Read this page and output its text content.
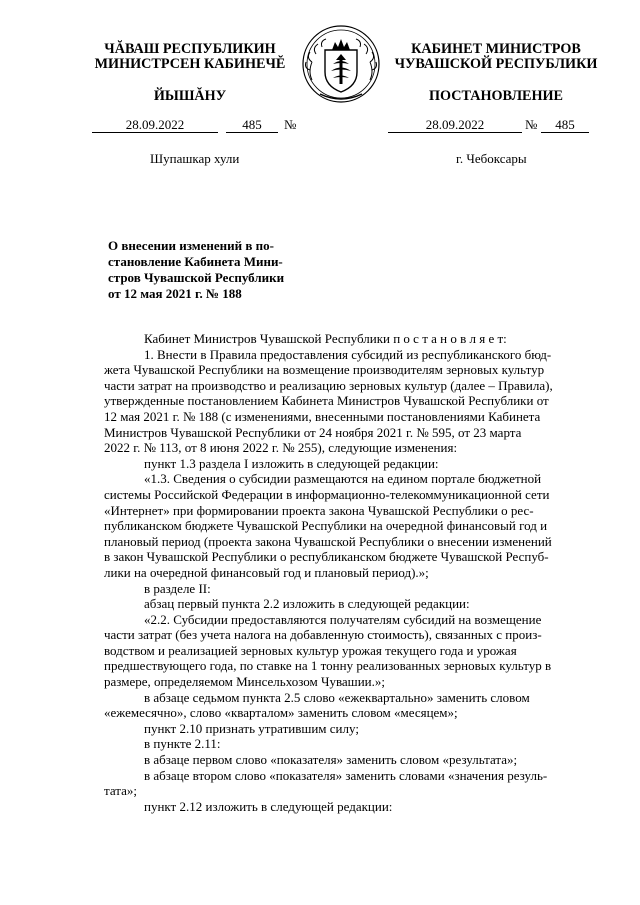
ЧĂВАШ РЕСПУБЛИКИН
МИНИСТРСЕН КАБИНЕЧĔ
ЙЫШĂНУ
КАБИНЕТ МИНИСТРОВ
ЧУВАШСКОЙ РЕСПУБЛИКИ
ПОСТАНОВЛЕНИЕ
28.09.2022	485	№
Шупашкар хули
28.09.2022	№	485
г. Чебоксары
О внесении изменений в по-
становление Кабинета Мини-
стров Чувашской Республики
от 12 мая 2021 г. № 188
Кабинет Министров Чувашской Республики п о с т а н о в л я е т:
1. Внести в Правила предоставления субсидий из республиканского бюд-
жета Чувашской Республики на возмещение производителям зерновых культур
части затрат на производство и реализацию зерновых культур (далее – Правила),
утвержденные постановлением Кабинета Министров Чувашской Республики от
12 мая 2021 г. № 188 (с изменениями, внесенными постановлениями Кабинета
Министров Чувашской Республики от 24 ноября 2021 г. № 595, от 23 марта
2022 г. № 113, от 8 июня 2022 г. № 255), следующие изменения:
пункт 1.3 раздела I изложить в следующей редакции:
«1.3. Сведения о субсидии размещаются на едином портале бюджетной
системы Российской Федерации в информационно-телекоммуникационной сети
«Интернет» при формировании проекта закона Чувашской Республики о рес-
публиканском бюджете Чувашской Республики на очередной финансовый год и
плановый период (проекта закона Чувашской Республики о внесении изменений
в закон Чувашской Республики о республиканском бюджете Чувашской Респуб-
лики на очередной финансовый год и плановый период).»;
в разделе II:
абзац первый пункта 2.2 изложить в следующей редакции:
«2.2. Субсидии предоставляются получателям субсидий на возмещение
части затрат (без учета налога на добавленную стоимость), связанных с произ-
водством и реализацией зерновых культур урожая текущего года и урожая
предшествующего года, по ставке на 1 тонну реализованных зерновых культур в
размере, определяемом Минсельхозом Чувашии.»;
в абзаце седьмом пункта 2.5 слово «ежеквартально» заменить словом
«ежемесячно», слово «кварталом» заменить словом «месяцем»;
пункт 2.10 признать утратившим силу;
в пункте 2.11:
в абзаце первом слово «показателя» заменить словом «результата»;
в абзаце втором слово «показателя» заменить словами «значения резуль-
тата»;
пункт 2.12 изложить в следующей редакции:
